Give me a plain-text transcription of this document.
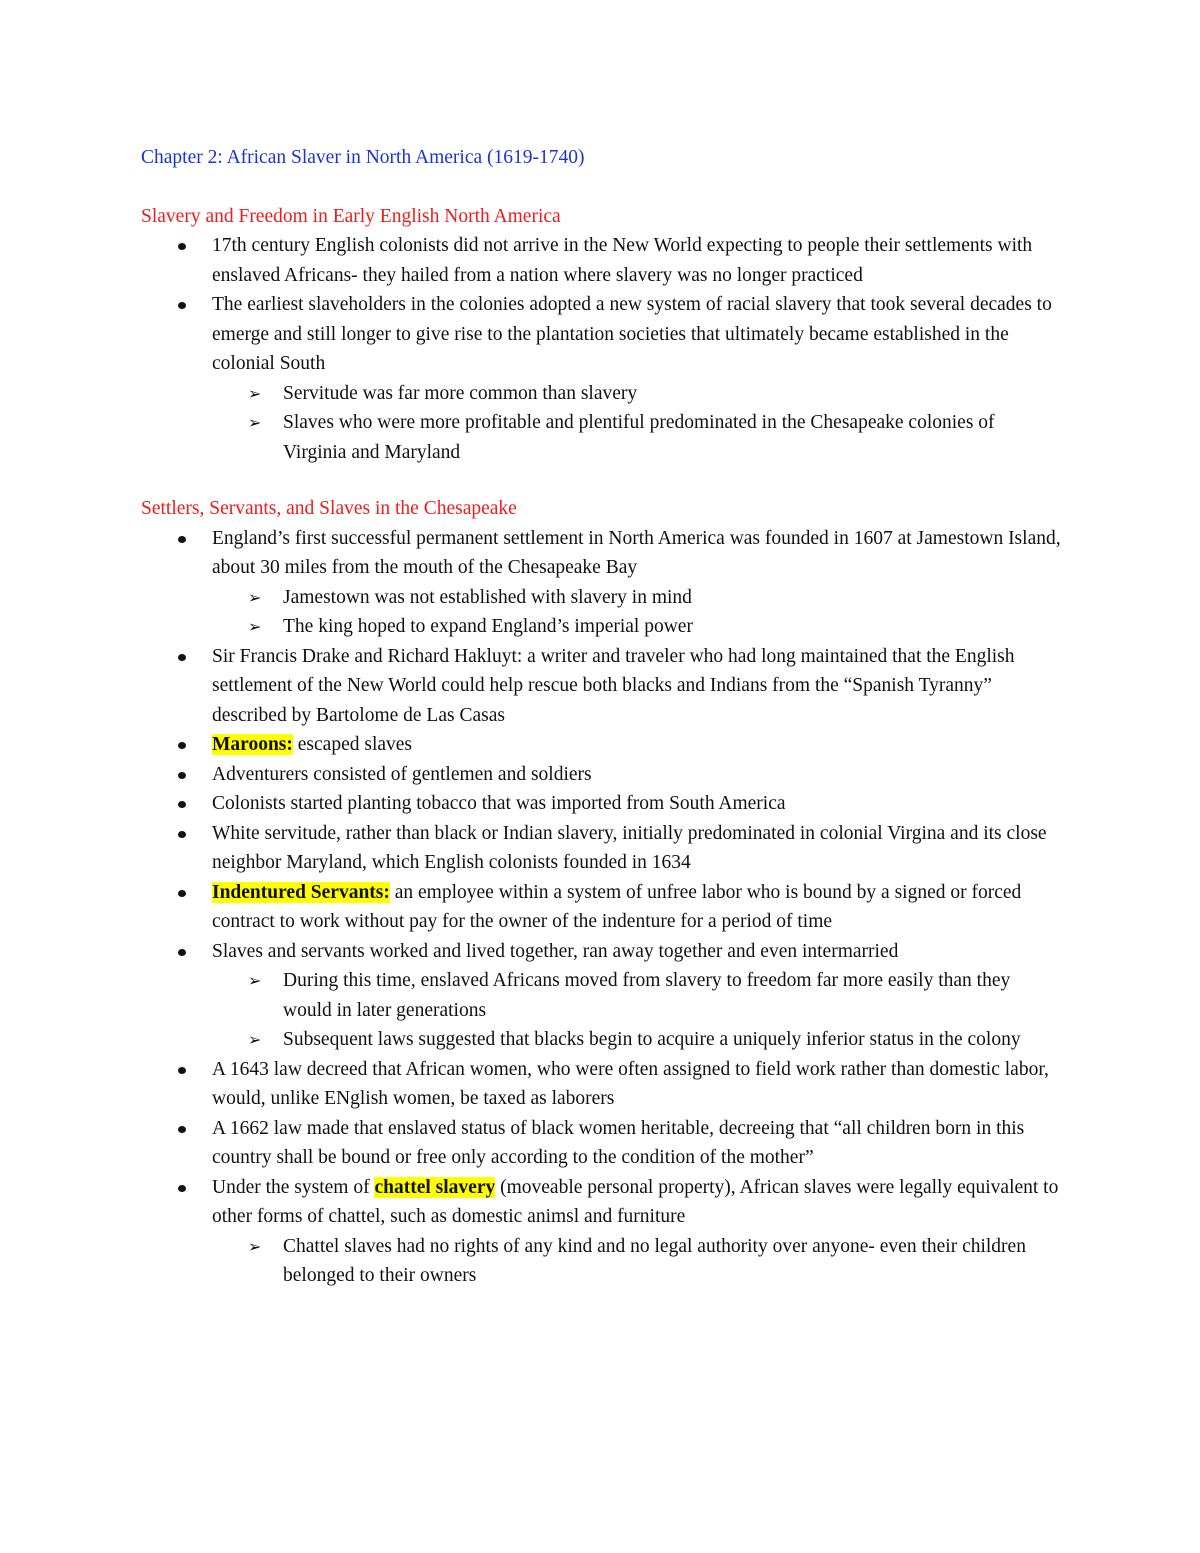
Chapter 2: African Slaver in North America (1619-1740)

Slavery and Freedom in Early English North America

17th century English colonists did not arrive in the New World expecting to people their settlements with enslaved Africans- they hailed from a nation where slavery was no longer practiced
The earliest slaveholders in the colonies adopted a new system of racial slavery that took several decades to emerge and still longer to give rise to the plantation societies that ultimately became established in the colonial South
➢ Servitude was far more common than slavery
➢ Slaves who were more profitable and plentiful predominated in the Chesapeake colonies of Virginia and Maryland

Settlers, Servants, and Slaves in the Chesapeake

England’s first successful permanent settlement in North America was founded in 1607 at Jamestown Island, about 30 miles from the mouth of the Chesapeake Bay
➢ Jamestown was not established with slavery in mind
➢ The king hoped to expand England’s imperial power
Sir Francis Drake and Richard Hakluyt: a writer and traveler who had long maintained that the English settlement of the New World could help rescue both blacks and Indians from the “Spanish Tyranny” described by Bartolome de Las Casas
Maroons: escaped slaves
Adventurers consisted of gentlemen and soldiers
Colonists started planting tobacco that was imported from South America
White servitude, rather than black or Indian slavery, initially predominated in colonial Virgina and its close neighbor Maryland, which English colonists founded in 1634
Indentured Servants: an employee within a system of unfree labor who is bound by a signed or forced contract to work without pay for the owner of the indenture for a period of time
Slaves and servants worked and lived together, ran away together and even intermarried
➢ During this time, enslaved Africans moved from slavery to freedom far more easily than they would in later generations
➢ Subsequent laws suggested that blacks begin to acquire a uniquely inferior status in the colony
A 1643 law decreed that African women, who were often assigned to field work rather than domestic labor, would, unlike ENglish women, be taxed as laborers
A 1662 law made that enslaved status of black women heritable, decreeing that “all children born in this country shall be bound or free only according to the condition of the mother”
Under the system of chattel slavery (moveable personal property), African slaves were legally equivalent to other forms of chattel, such as domestic animsl and furniture
➢ Chattel slaves had no rights of any kind and no legal authority over anyone- even their children belonged to their owners
